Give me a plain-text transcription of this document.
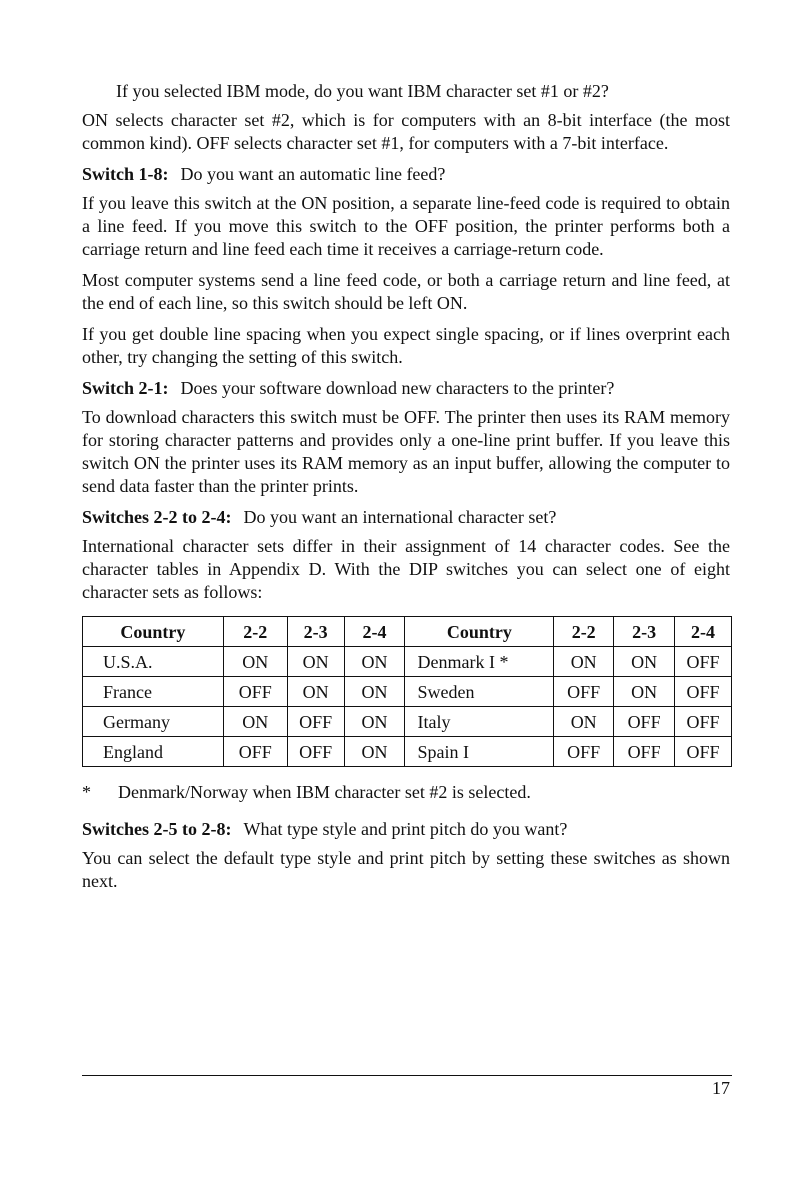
If you selected IBM mode, do you want IBM character set #1 or #2?

ON selects character set #2, which is for computers with an 8-bit interface (the most common kind). OFF selects character set #1, for computers with a 7-bit interface.

Switch 1-8: Do you want an automatic line feed?

If you leave this switch at the ON position, a separate line-feed code is required to obtain a line feed. If you move this switch to the OFF position, the printer performs both a carriage return and line feed each time it receives a carriage-return code.

Most computer systems send a line feed code, or both a carriage return and line feed, at the end of each line, so this switch should be left ON.

If you get double line spacing when you expect single spacing, or if lines overprint each other, try changing the setting of this switch.

Switch 2-1: Does your software download new characters to the printer?

To download characters this switch must be OFF. The printer then uses its RAM memory for storing character patterns and provides only a one-line print buffer. If you leave this switch ON the printer uses its RAM memory as an input buffer, allowing the computer to send data faster than the printer prints.

Switches 2-2 to 2-4: Do you want an international character set?

International character sets differ in their assignment of 14 character codes. See the character tables in Appendix D. With the DIP switches you can select one of eight character sets as follows:

Country	2-2	2-3	2-4	Country	2-2	2-3	2-4
U.S.A.	ON	ON	ON	Denmark I *	ON	ON	OFF
France	OFF	ON	ON	Sweden	OFF	ON	OFF
Germany	ON	OFF	ON	Italy	ON	OFF	OFF
England	OFF	OFF	ON	Spain I	OFF	OFF	OFF

* Denmark/Norway when IBM character set #2 is selected.

Switches 2-5 to 2-8: What type style and print pitch do you want?

You can select the default type style and print pitch by setting these switches as shown next.

17
